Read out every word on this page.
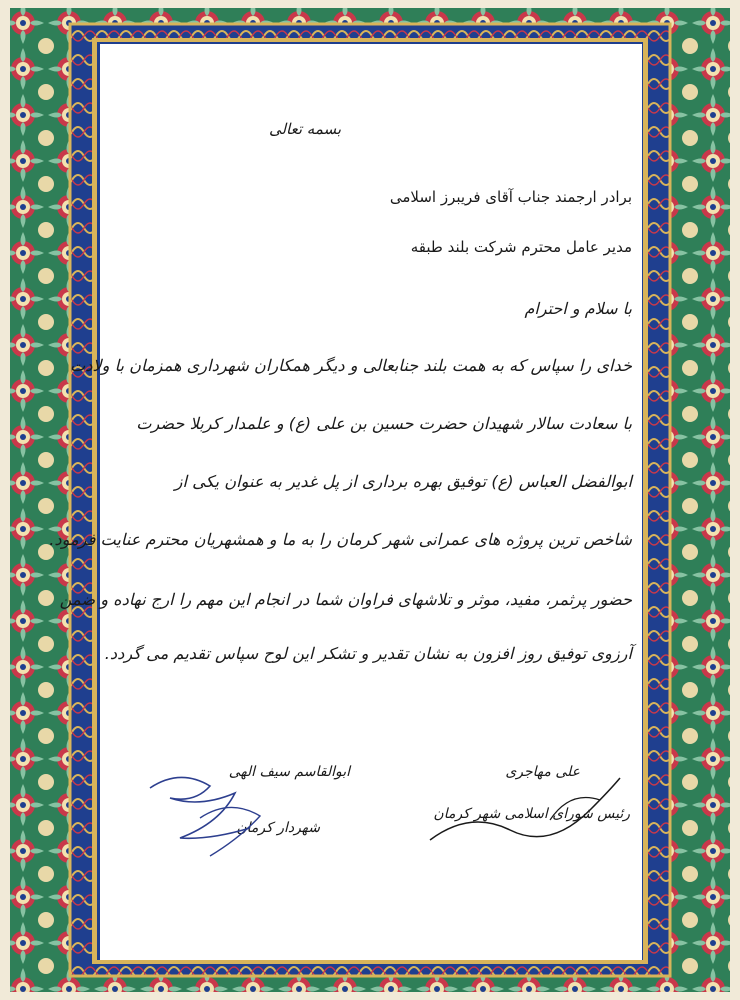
بسمه تعالی
برادر ارجمند جناب آقای فریبرز اسلامی
مدیر عامل محترم شرکت بلند طبقه
با سلام و احترام
خدای را سپاس که به همت بلند جنابعالی و دیگر همکاران شهرداری همزمان با ولادت
با سعادت سالار شهیدان حضرت حسین بن علی (ع) و علمدار کربلا حضرت
ابوالفضل العباس (ع) توفیق بهره برداری از پل غدیر به عنوان یکی از
شاخص ترین پروژه های عمرانی شهر کرمان را به ما و همشهریان محترم عنایت فرمود.
حضور پرثمر، مفید، موثر و تلاشهای فراوان شما در انجام این مهم را ارج نهاده و ضمن
آرزوی توفیق روز افزون به نشان تقدیر و تشکر این لوح سپاس تقدیم می گردد.
ابوالقاسم سیف الهی
شهردار کرمان
علی مهاجری
رئیس شورای اسلامی شهر کرمان
